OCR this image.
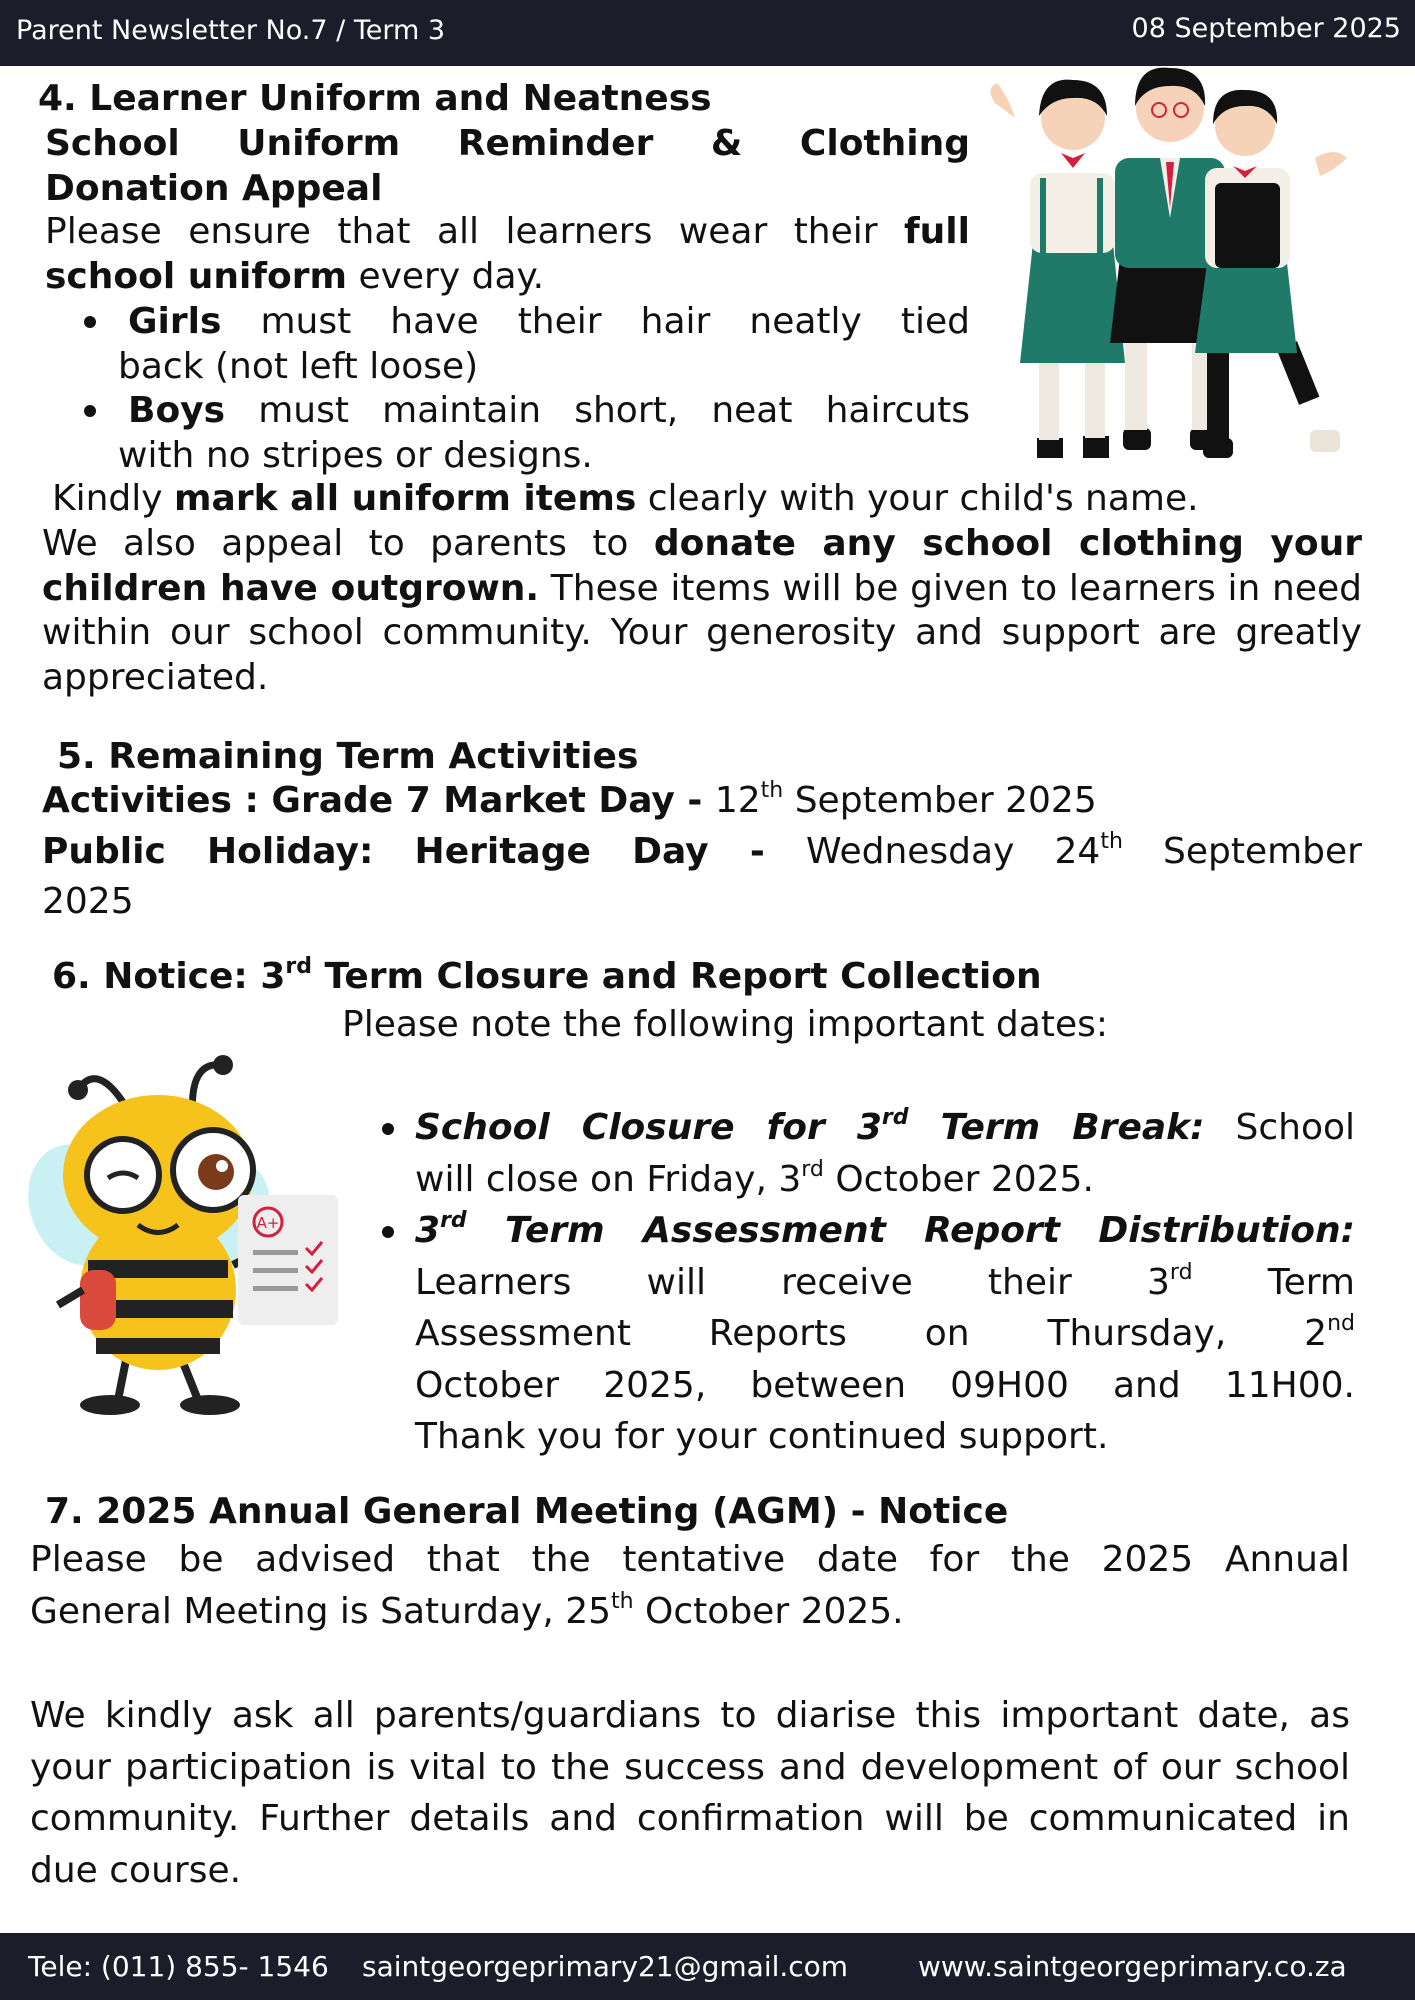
Parent Newsletter No.7 / Term 3	08 September 2025
4. Learner Uniform and Neatness
School Uniform Reminder & Clothing
Donation Appeal
Please ensure that all learners wear their full
school uniform every day.
Girls must have their hair neatly tied
back (not left loose)
Boys must maintain short, neat haircuts
with no stripes or designs.
Kindly mark all uniform items clearly with your child's name.
We also appeal to parents to donate any school clothing your children have outgrown. These items will be given to learners in need within our school community. Your generosity and support are greatly appreciated.
5. Remaining Term Activities
Activities : Grade 7 Market Day - 12th September 2025
Public Holiday: Heritage Day - Wednesday 24th September
2025
6. Notice: 3rd Term Closure and Report Collection
Please note the following important dates:
School Closure for 3rd Term Break: School
will close on Friday, 3rd October 2025.
3rd Term Assessment Report Distribution:
Learners will receive their 3rd Term
Assessment Reports on Thursday, 2nd
October 2025, between 09H00 and 11H00.
Thank you for your continued support.
A+
7. 2025 Annual General Meeting (AGM) - Notice
Please be advised that the tentative date for the 2025 Annual
General Meeting is Saturday, 25th October 2025.
We kindly ask all parents/guardians to diarise this important date, as your participation is vital to the success and development of our school community. Further details and confirmation will be communicated in due course.
Tele: (011) 855- 1546 saintgeorgeprimary21@gmail.com www.saintgeorgeprimary.co.za
